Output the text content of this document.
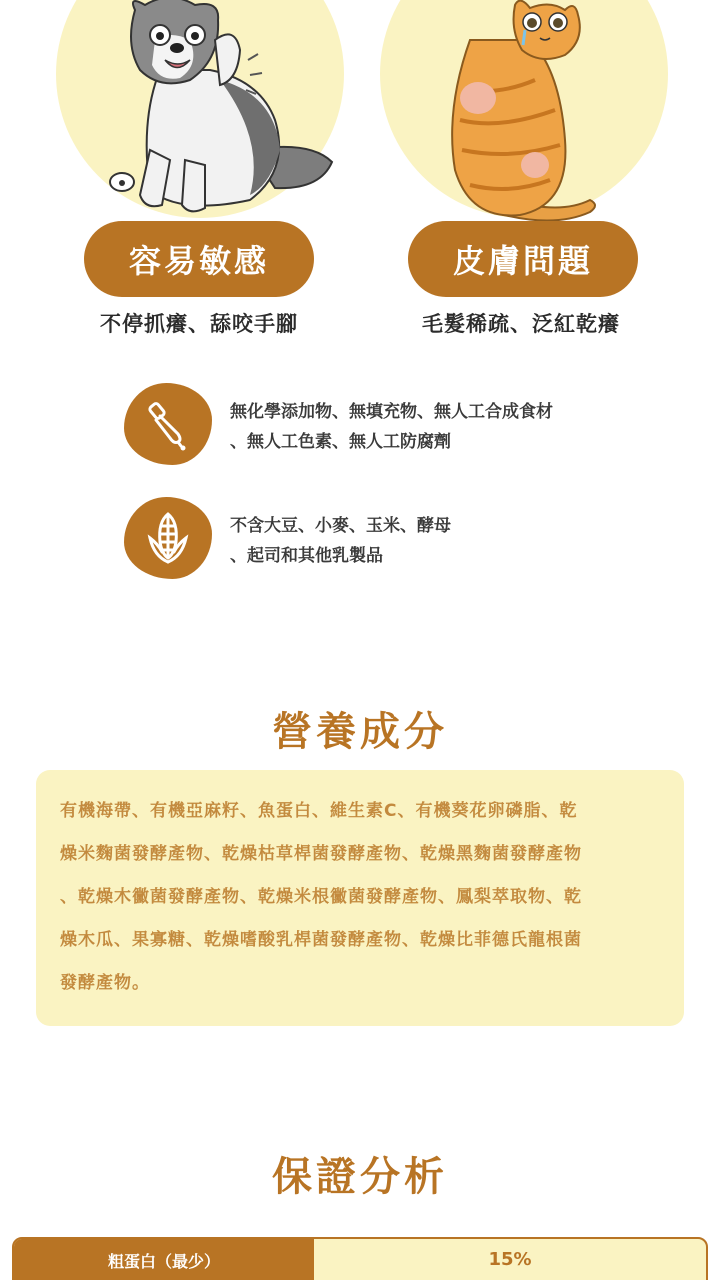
容易敏感
不停抓癢、舔咬手腳
皮膚問題
毛髮稀疏、泛紅乾癢
無化學添加物、無填充物、無人工合成食材
、無人工色素、無人工防腐劑
不含大豆、小麥、玉米、酵母
、起司和其他乳製品
營養成分
有機海帶、有機亞麻籽、魚蛋白、維生素C、有機葵花卵磷脂、乾
燥米麴菌發酵產物、乾燥枯草桿菌發酵產物、乾燥黑麴菌發酵產物
、乾燥木黴菌發酵產物、乾燥米根黴菌發酵產物、鳳梨萃取物、乾
燥木瓜、果寡糖、乾燥嗜酸乳桿菌發酵產物、乾燥比菲德氏龍根菌
發酵產物。
保證分析
粗蛋白（最少）	15%
